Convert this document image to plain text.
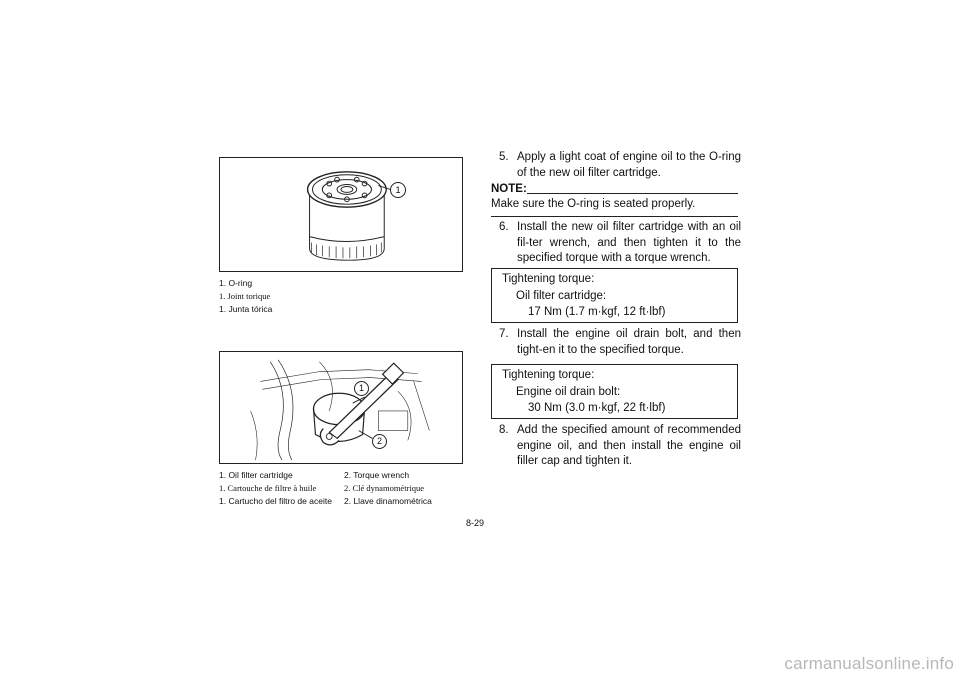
1
1. O-ring
1. Joint torique
1. Junta tórica
1
2
1. Oil filter cartridge	2. Torque wrench
1. Cartouche de filtre à huile	2. Clé dynamométrique
1. Cartucho del filtro de aceite 2. Llave dinamométrica
5. Apply a light coat of engine oil to the O-ring of the new oil filter cartridge.
NOTE:
Make sure the O-ring is seated properly.
6. Install the new oil filter cartridge with an oil fil-ter wrench, and then tighten it to the specified torque with a torque wrench.
Tightening torque:
Oil filter cartridge:
17 Nm (1.7 m·kgf, 12 ft·lbf)
7. Install the engine oil drain bolt, and then tight-en it to the specified torque.
Tightening torque:
Engine oil drain bolt:
30 Nm (3.0 m·kgf, 22 ft·lbf)
8. Add the specified amount of recommended engine oil, and then install the engine oil filler cap and tighten it.
8-29
carmanualsonline.info
